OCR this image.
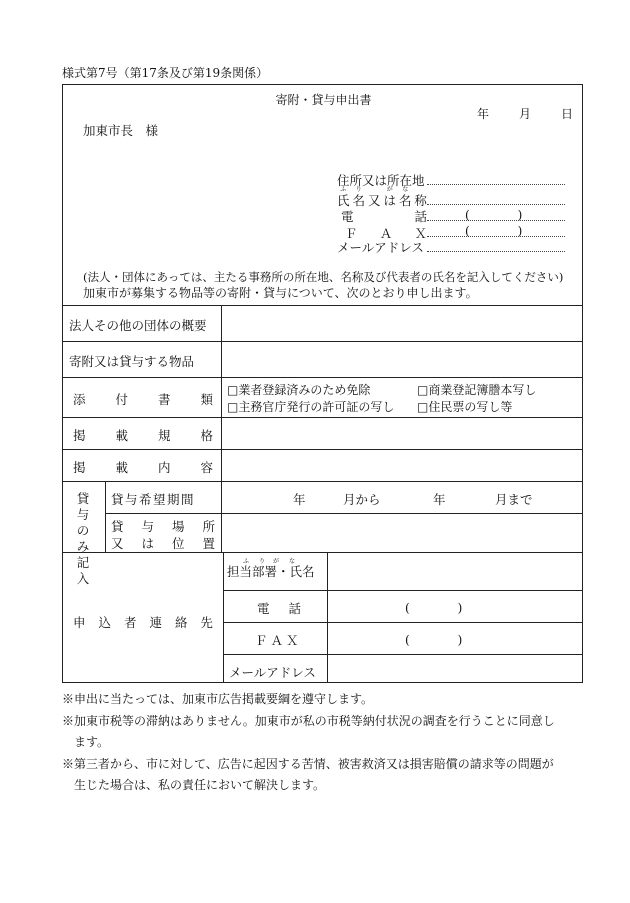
様式第7号（第17条及び第19条関係）
寄附・貸与申出書
年	月	日
加東市長　様
住所又は所在地
ふ
氏
り
名 又
が
は
な
名 称
電	話	(　　　　)
Ｆ Ａ Ｘ	(　　　　)
メールアドレス
(法人・団体にあっては、主たる事務所の所在地、名称及び代表者の氏名を記入してください)
加東市が募集する物品等の寄附・貸与について、次のとおり申し出ます。
法人その他の団体の概要
寄附又は貸与する物品
添 付 書 類
□業者登録済みのため免除	□商業登記簿謄本写し
□主務官庁発行の許可証の写し □住民票の写し等
掲 載 規 格
掲 載 内 容
貸与
のみ
記入
貸与希望期間	年	月から	年	月まで
貸 与 場 所
又 は 位 置
申 込 者 連 絡 先
担当部署・氏名
ふ り が な
電 話	(　　　　)
ＦＡＸ	(　　　　)
メールアドレス
※申出に当たっては、加東市広告掲載要綱を遵守します。
※加東市税等の滞納はありません。加東市が私の市税等納付状況の調査を行うことに同意し
　ます。
※第三者から、市に対して、広告に起因する苦情、被害救済又は損害賠償の請求等の問題が
　生じた場合は、私の責任において解決します。
